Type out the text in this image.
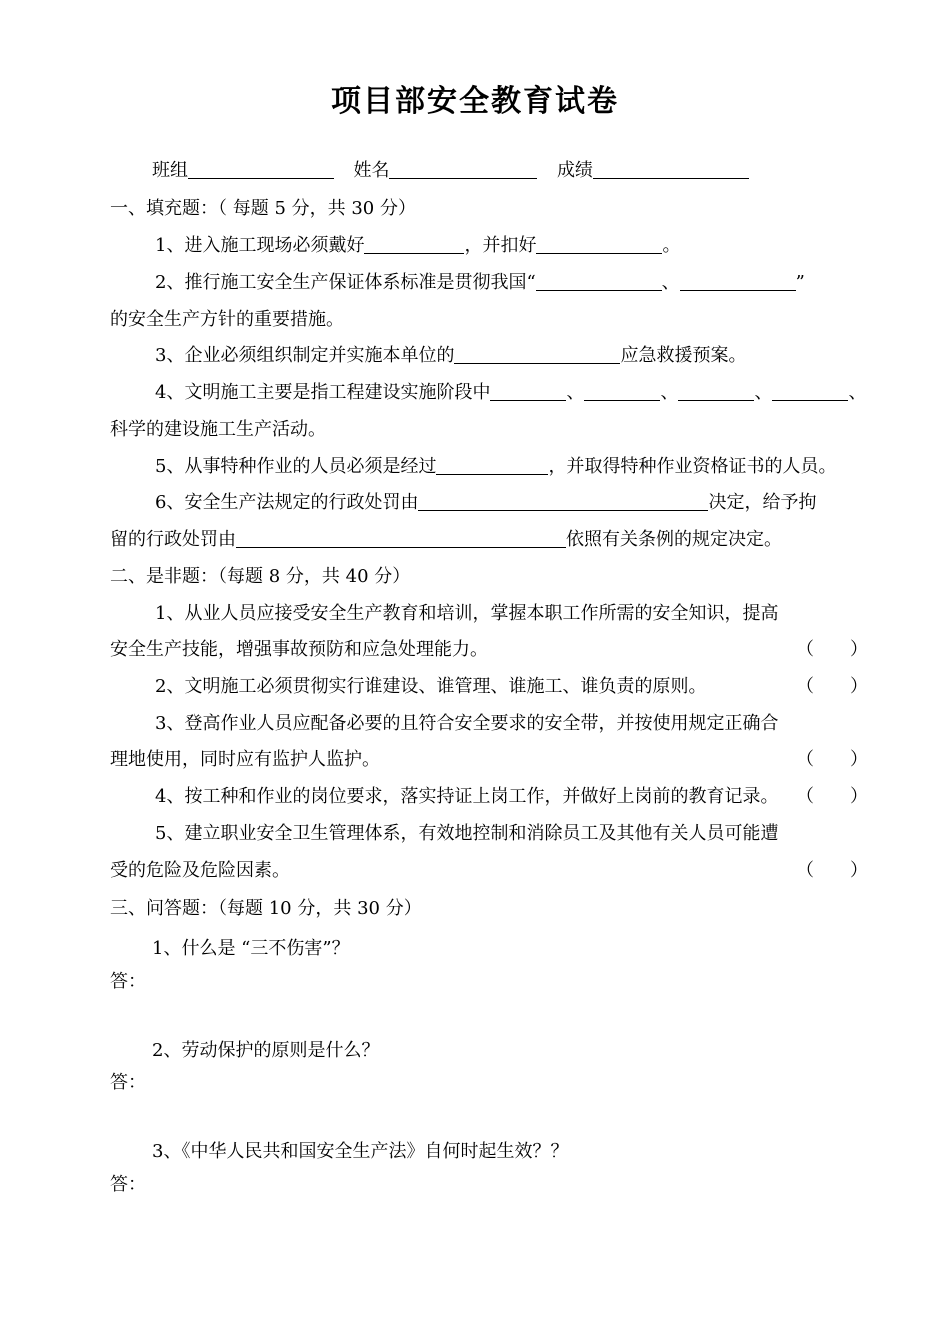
项目部安全教育试卷
班组	姓名	成绩
一、填充题：（ 每题 5 分，共 30 分）
1、进入施工现场必须戴好	，并扣好	。
2、推行施工安全生产保证体系标准是贯彻我国“	、	”
的安全生产方针的重要措施。
3、企业必须组织制定并实施本单位的	应急救援预案。
4、文明施工主要是指工程建设实施阶段中	、	、	、	、
科学的建设施工生产活动。
5、从事特种作业的人员必须是经过	，并取得特种作业资格证书的人员。
6、安全生产法规定的行政处罚由	决定，给予拘
留的行政处罚由	依照有关条例的规定决定。
二、是非题：（每题 8 分，共 40 分）
1、从业人员应接受安全生产教育和培训，掌握本职工作所需的安全知识，提高
安全生产技能，增强事故预防和应急处理能力。	（ ）
2、文明施工必须贯彻实行谁建设、谁管理、谁施工、谁负责的原则。	（ ）
3、登高作业人员应配备必要的且符合安全要求的安全带，并按使用规定正确合
理地使用，同时应有监护人监护。	（ ）
4、按工种和作业的岗位要求，落实持证上岗工作，并做好上岗前的教育记录。 （ ）
5、建立职业安全卫生管理体系，有效地控制和消除员工及其他有关人员可能遭
受的危险及危险因素。	（ ）
三、问答题：（每题 10 分，共 30 分）
1、什么是 “三不伤害”？
答：
2、劳动保护的原则是什么？
答：
3、《中华人民共和国安全生产法》自何时起生效？？
答：
